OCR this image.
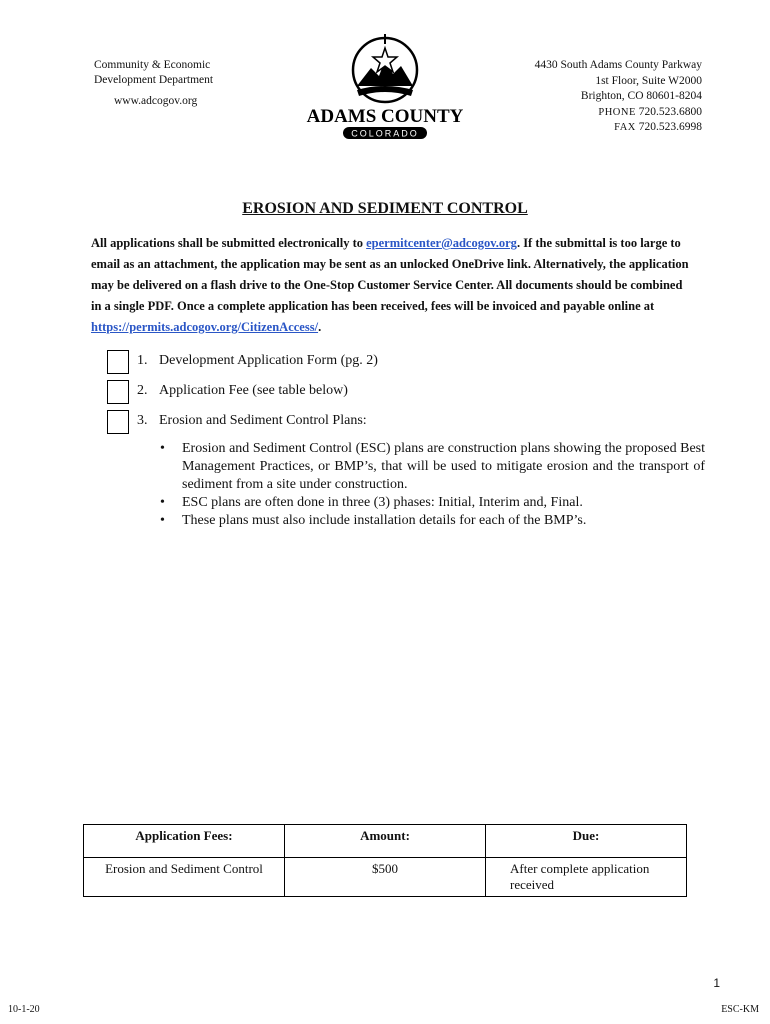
Community & Economic
Development Department
www.adcogov.org
ADAMS COUNTY
COLORADO
4430 South Adams County Parkway
1st Floor, Suite W2000
Brighton, CO 80601-8204
PHONE 720.523.6800
FAX 720.523.6998
EROSION AND SEDIMENT CONTROL
All applications shall be submitted electronically to epermitcenter@adcogov.org. If the submittal is too large to email as an attachment, the application may be sent as an unlocked OneDrive link. Alternatively, the application may be delivered on a flash drive to the One-Stop Customer Service Center. All documents should be combined in a single PDF. Once a complete application has been received, fees will be invoiced and payable online at https://permits.adcogov.org/CitizenAccess/.
1. Development Application Form (pg. 2)
2. Application Fee (see table below)
3. Erosion and Sediment Control Plans:
• Erosion and Sediment Control (ESC) plans are construction plans showing the proposed Best Management Practices, or BMP’s, that will be used to mitigate erosion and the transport of sediment from a site under construction.
• ESC plans are often done in three (3) phases: Initial, Interim and, Final.
• These plans must also include installation details for each of the BMP’s.
Application Fees:	Amount:	Due:
Erosion and Sediment Control	$500	After complete application received
1
10-1-20	ESC-KM
